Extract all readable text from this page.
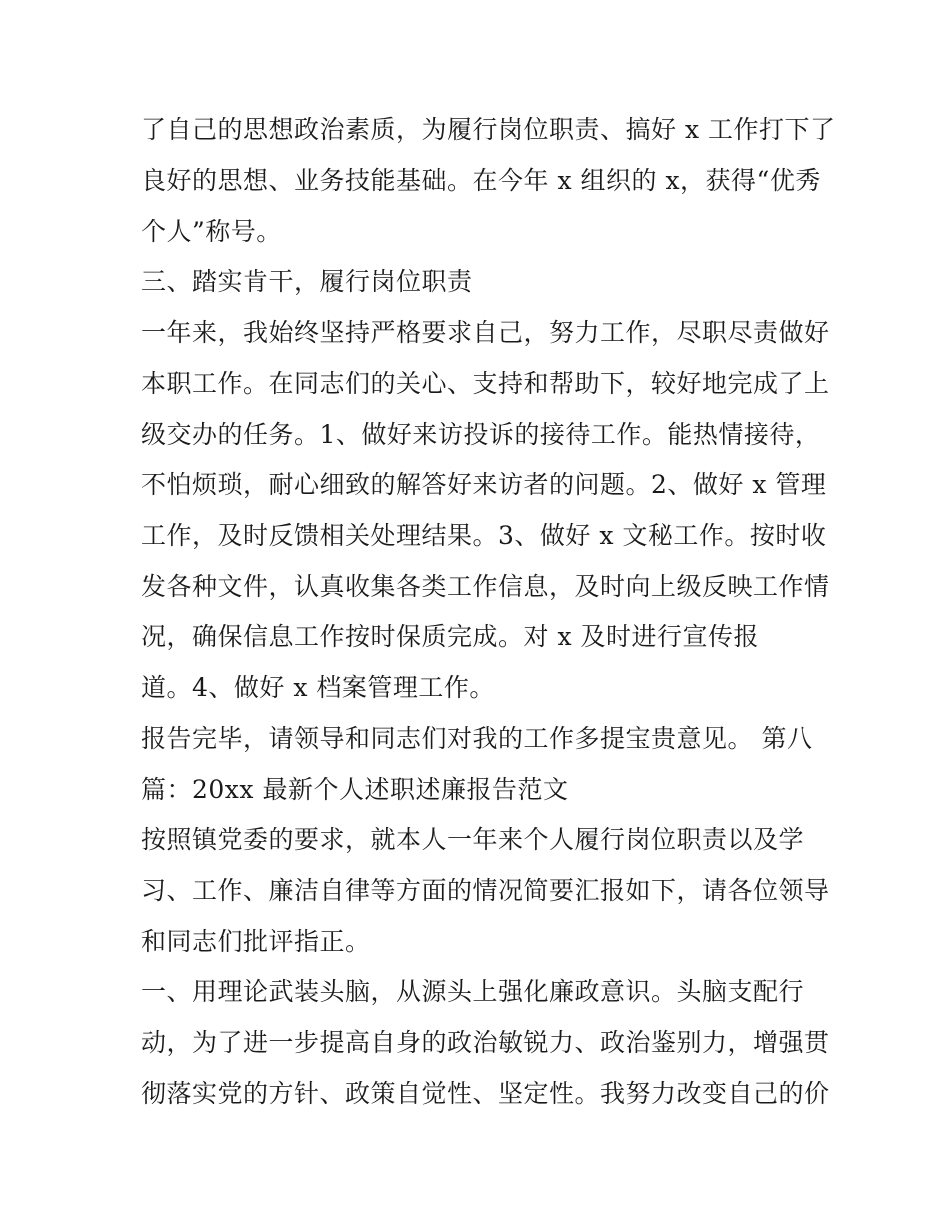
了自己的思想政治素质，为履行岗位职责、搞好 x 工作打下了
良好的思想、业务技能基础。在今年 x 组织的 x，获得“优秀
个人”称号。
三、踏实肯干，履行岗位职责
一年来，我始终坚持严格要求自己，努力工作，尽职尽责做好
本职工作。在同志们的关心、支持和帮助下，较好地完成了上
级交办的任务。1、做好来访投诉的接待工作。能热情接待，
不怕烦琐，耐心细致的解答好来访者的问题。2、做好 x 管理
工作，及时反馈相关处理结果。3、做好 x 文秘工作。按时收
发各种文件，认真收集各类工作信息，及时向上级反映工作情
况，确保信息工作按时保质完成。对 x 及时进行宣传报
道。4、做好 x 档案管理工作。
报告完毕，请领导和同志们对我的工作多提宝贵意见。 第八
篇：20xx 最新个人述职述廉报告范文
按照镇党委的要求，就本人一年来个人履行岗位职责以及学
习、工作、廉洁自律等方面的情况简要汇报如下，请各位领导
和同志们批评指正。
一、用理论武装头脑，从源头上强化廉政意识。头脑支配行
动，为了进一步提高自身的政治敏锐力、政治鉴别力，增强贯
彻落实党的方针、政策自觉性、坚定性。我努力改变自己的价
